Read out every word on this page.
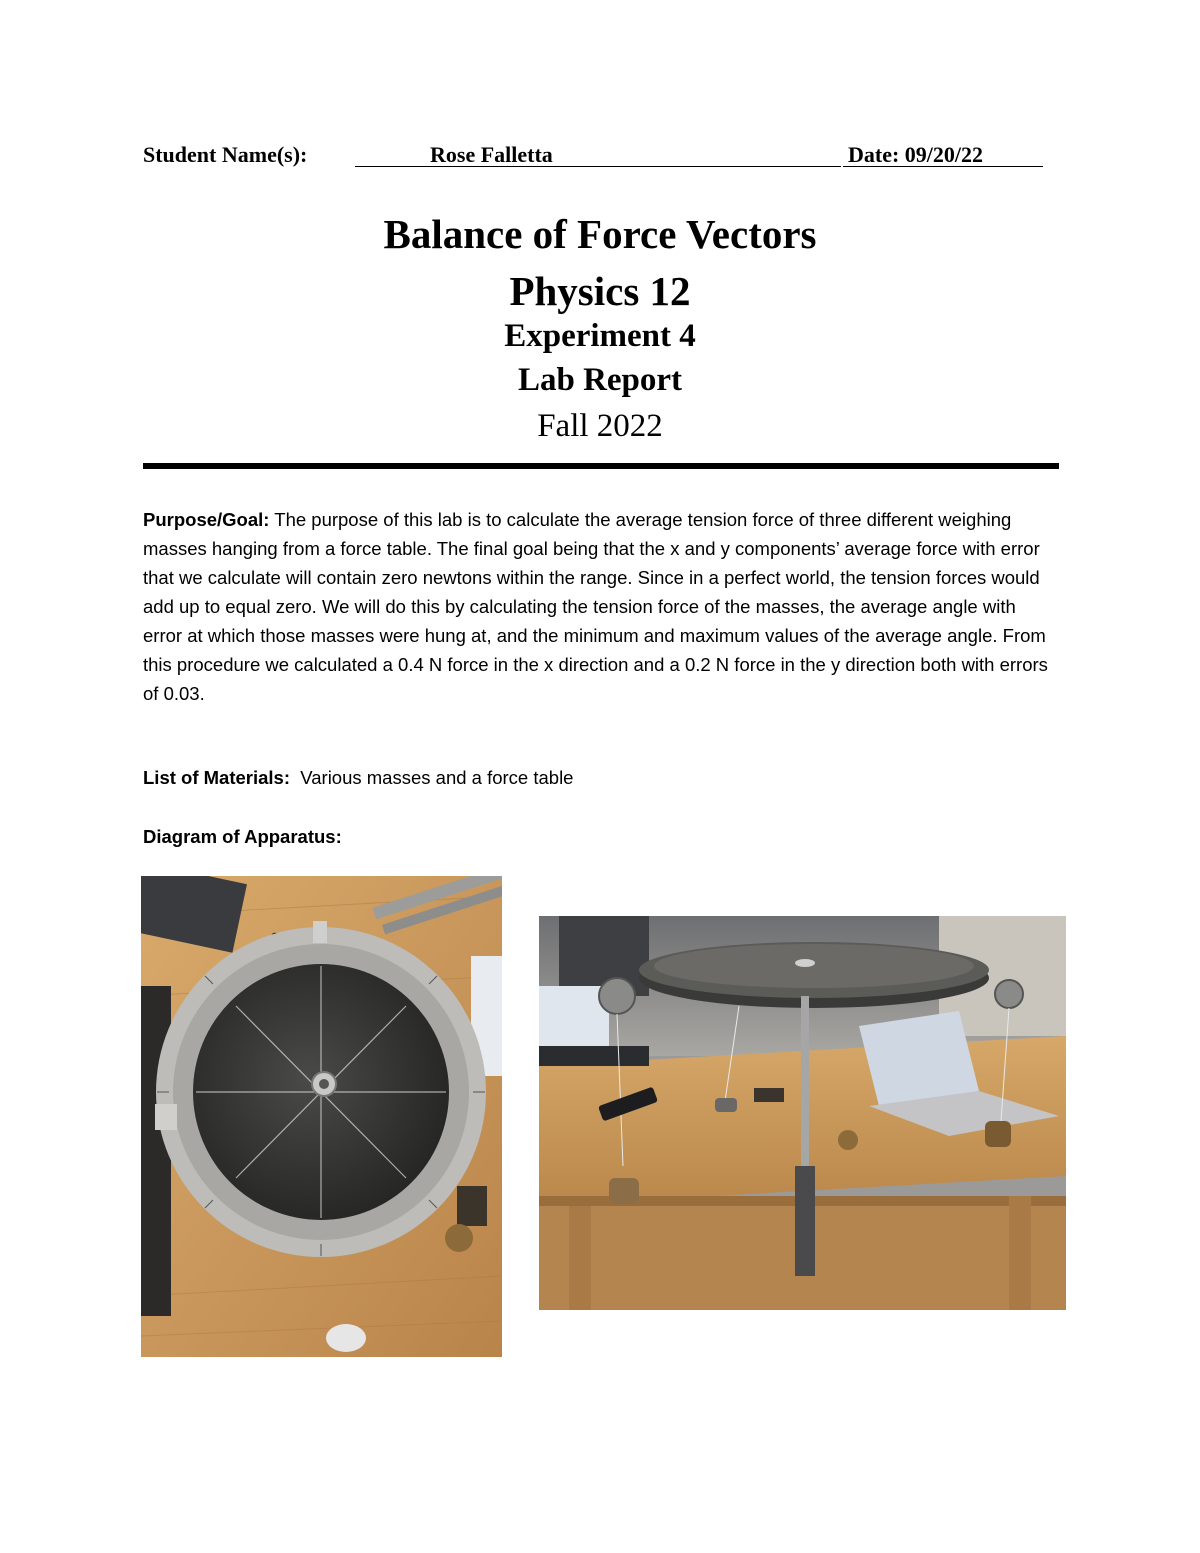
Student Name(s):	Rose Falletta	Date: 09/20/22
Balance of Force Vectors
Physics 12
Experiment 4
Lab Report
Fall 2022
Purpose/Goal: The purpose of this lab is to calculate the average tension force of three different weighing masses hanging from a force table. The final goal being that the x and y components’ average force with error that we calculate will contain zero newtons within the range. Since in a perfect world, the tension forces would add up to equal zero. We will do this by calculating the tension force of the masses, the average angle with error at which those masses were hung at, and the minimum and maximum values of the average angle. From this procedure we calculated a 0.4 N force in the x direction and a 0.2 N force in the y direction both with errors of 0.03.
List of Materials: Various masses and a force table
Diagram of Apparatus:
